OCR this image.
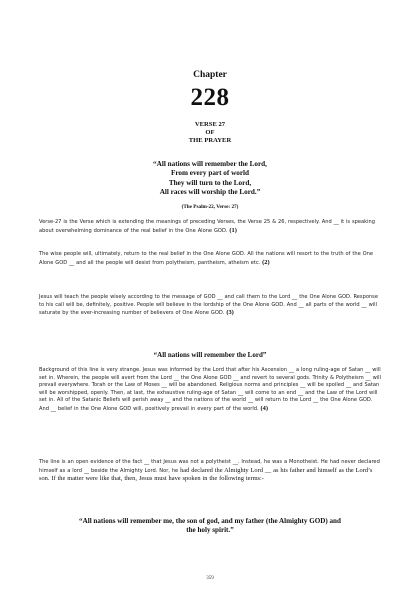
Chapter
228
VERSE 27
OF
THE PRAYER
“All nations will remember the Lord,
From every part of world
They will turn to the Lord,
All races will worship the Lord.”
(The Psalm-22, Verse: 27)
Verse-27 is the Verse which is extending the meanings of preceding Verses, the Verse 25 & 26, respectively. And __ it is speaking about overwhelming dominance of the real belief in the One Alone GOD. (1)
The wise people will, ultimately, return to the real belief in the One Alone GOD. All the nations will resort to the truth of the One Alone GOD __ and all the people will desist from polytheism, pantheism, atheism etc. (2)
Jesus will teach the people wisely according to the message of GOD __ and call them to the Lord __ the One Alone GOD. Response to his call will be, definitely, positive. People will believe in the lordship of the One Alone GOD. And __ all parts of the world __ will saturate by the ever-increasing number of believers of One Alone GOD. (3)
“All nations will remember the Lord”
Background of this line is very strange. Jesus was informed by the Lord that after his Ascension __ a long ruling-age of Satan __ will set in. Wherein, the people will avert from the Lord __ the One Alone GOD __ and revert to several gods. Trinity & Polytheism __ will prevail everywhere. Torah or the Law of Moses __ will be abandoned. Religious norms and principles __ will be spoiled __ and Satan will be worshipped, openly. Then, at last, the exhaustive ruling-age of Satan __ will come to an end __ and the Law of the Lord will set in. All of the Satanic Beliefs will perish away __ and the nations of the world __ will return to the Lord __ the One Alone GOD. And __ belief in the One Alone GOD will, positively prevail in every part of the world. (4)
The line is an open evidence of the fact __ that Jesus was not a polytheist __. Instead, he was a Monotheist. He had never declared himself as a lord __ beside the Almighty Lord. Nor, he had declared the Almighty Lord __ as his father and himself as the Lord’s son. If the matter were like that, then, Jesus must have spoken in the following terms:-
“All nations will remember me, the son of god, and my father (the Almighty GOD) and
the holy spirit.”
359
